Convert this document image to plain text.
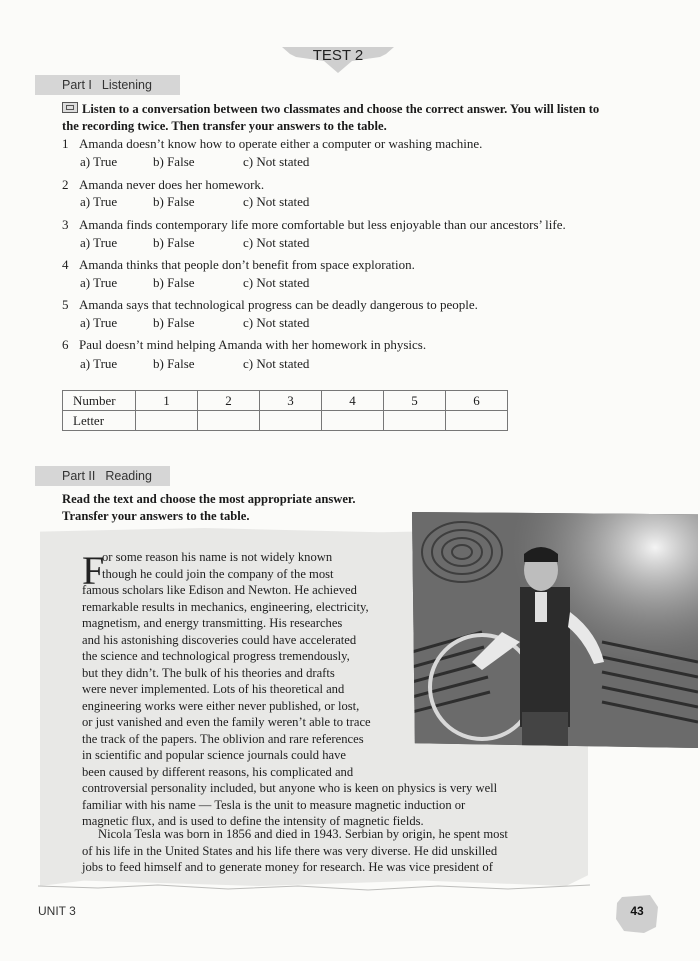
TEST 2
Part I Listening
Listen to a conversation between two classmates and choose the correct answer. You will listen to
the recording twice. Then transfer your answers to the table.
1 Amanda doesn’t know how to operate either a computer or washing machine.
a) True	b) False	c) Not stated
2 Amanda never does her homework.
a) True	b) False	c) Not stated
3 Amanda finds contemporary life more comfortable but less enjoyable than our ancestors’ life.
a) True	b) False	c) Not stated
4 Amanda thinks that people don’t benefit from space exploration.
a) True	b) False	c) Not stated
5 Amanda says that technological progress can be deadly dangerous to people.
a) True	b) False	c) Not stated
6 Paul doesn’t mind helping Amanda with her homework in physics.
a) True	b) False	c) Not stated
Number	1	2	3	4	5	6
Letter						
Part II Reading
Read the text and choose the most appropriate answer.
Transfer your answers to the table.
F
or some reason his name is not widely known
though he could join the company of the most
famous scholars like Edison and Newton. He achieved
remarkable results in mechanics, engineering, electricity,
magnetism, and energy transmitting. His researches
and his astonishing discoveries could have accelerated
the science and technological progress tremendously,
but they didn’t. The bulk of his theories and drafts
were never implemented. Lots of his theoretical and
engineering works were either never published, or lost,
or just vanished and even the family weren’t able to trace
the track of the papers. The oblivion and rare references
in scientific and popular science journals could have
been caused by different reasons, his complicated and
controversial personality included, but anyone who is keen on physics is very well
familiar with his name — Tesla is the unit to measure magnetic induction or
magnetic flux, and is used to define the intensity of magnetic fields.
Nicola Tesla was born in 1856 and died in 1943. Serbian by origin, he spent most
of his life in the United States and his life there was very diverse. He did unskilled
jobs to feed himself and to generate money for research. He was vice president of
UNIT 3	43
